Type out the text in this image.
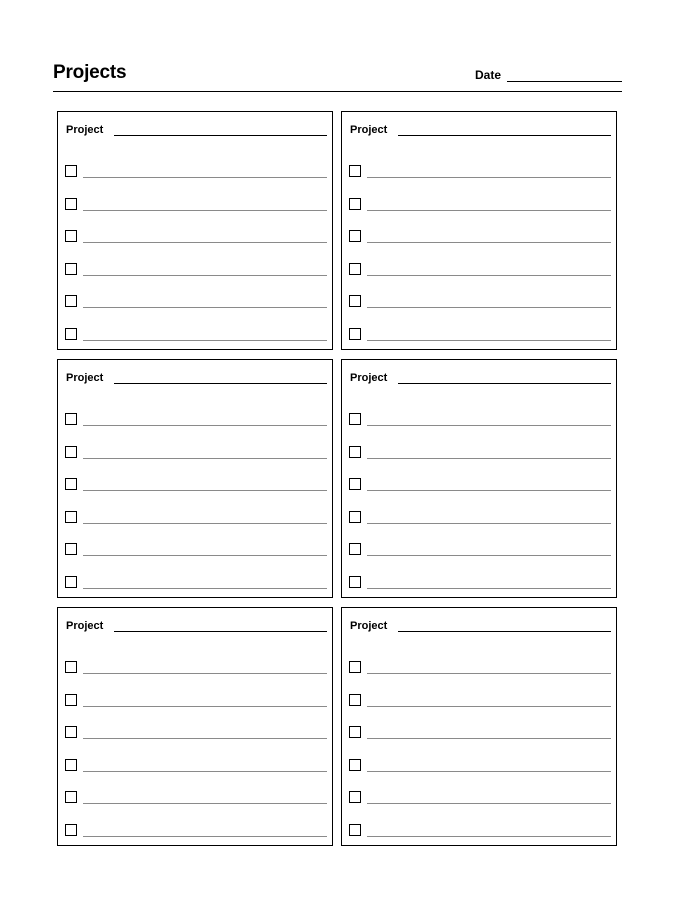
Projects	Date
Project	Project
Project	Project
Project	Project
